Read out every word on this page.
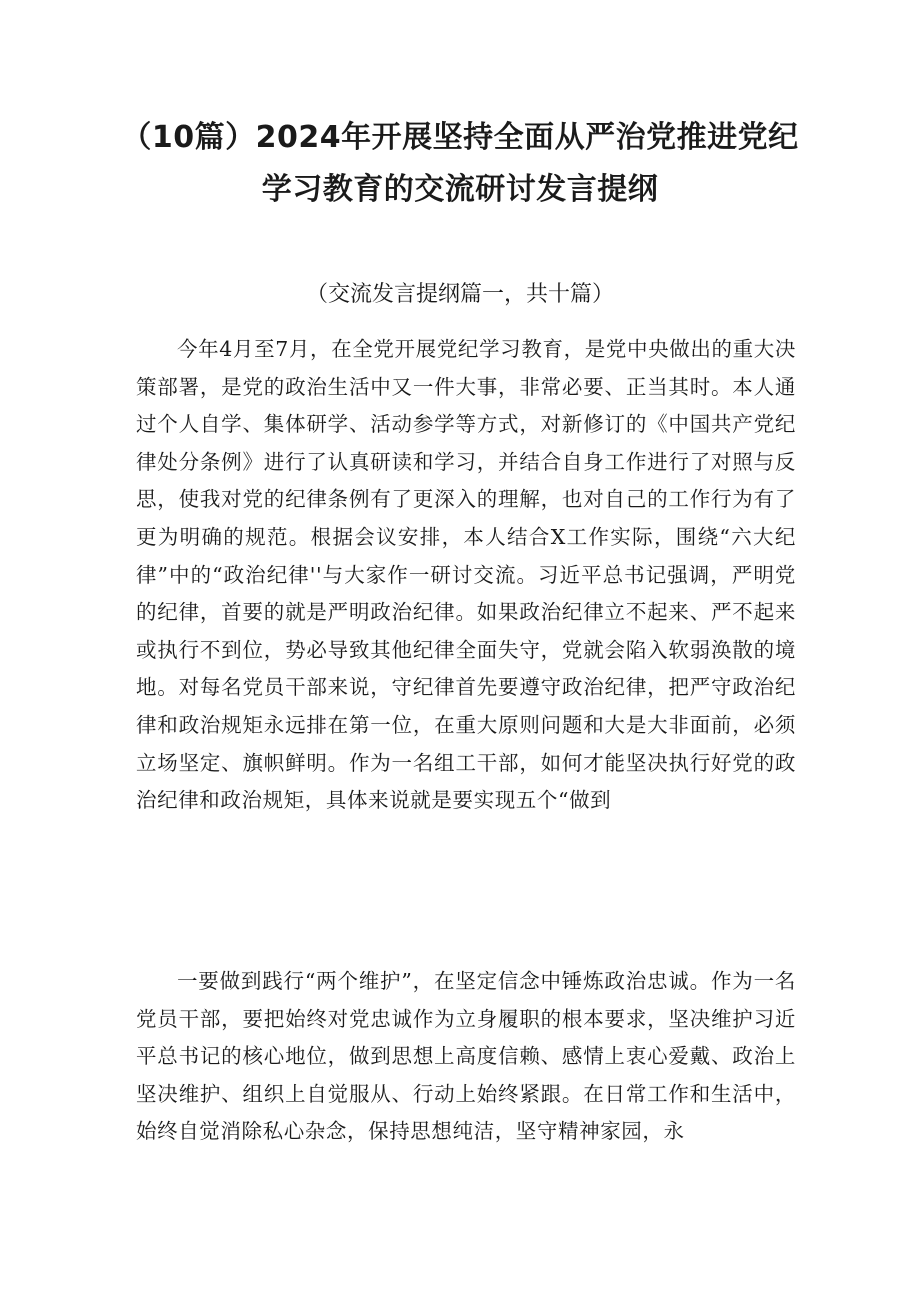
（10篇）2024年开展坚持全面从严治党推进党纪
学习教育的交流研讨发言提纲
（交流发言提纲篇一，共十篇）

今年4月至7月，在全党开展党纪学习教育，是党中央做出的重大决策部署，是党的政治生活中又一件大事，非常必要、正当其时。本人通过个人自学、集体研学、活动参学等方式，对新修订的《中国共产党纪律处分条例》进行了认真研读和学习，并结合自身工作进行了对照与反思，使我对党的纪律条例有了更深入的理解，也对自己的工作行为有了更为明确的规范。根据会议安排，本人结合X工作实际，围绕“六大纪律”中的“政治纪律''与大家作一研讨交流。习近平总书记强调，严明党的纪律，首要的就是严明政治纪律。如果政治纪律立不起来、严不起来或执行不到位，势必导致其他纪律全面失守，党就会陷入软弱涣散的境地。对每名党员干部来说，守纪律首先要遵守政治纪律，把严守政治纪律和政治规矩永远排在第一位，在重大原则问题和大是大非面前，必须立场坚定、旗帜鲜明。作为一名组工干部，如何才能坚决执行好党的政治纪律和政治规矩，具体来说就是要实现五个“做到

一要做到践行“两个维护”，在坚定信念中锤炼政治忠诚。作为一名党员干部，要把始终对党忠诚作为立身履职的根本要求，坚决维护习近平总书记的核心地位，做到思想上高度信赖、感情上衷心爱戴、政治上坚决维护、组织上自觉服从、行动上始终紧跟。在日常工作和生活中，始终自觉消除私心杂念，保持思想纯洁，坚守精神家园，永
